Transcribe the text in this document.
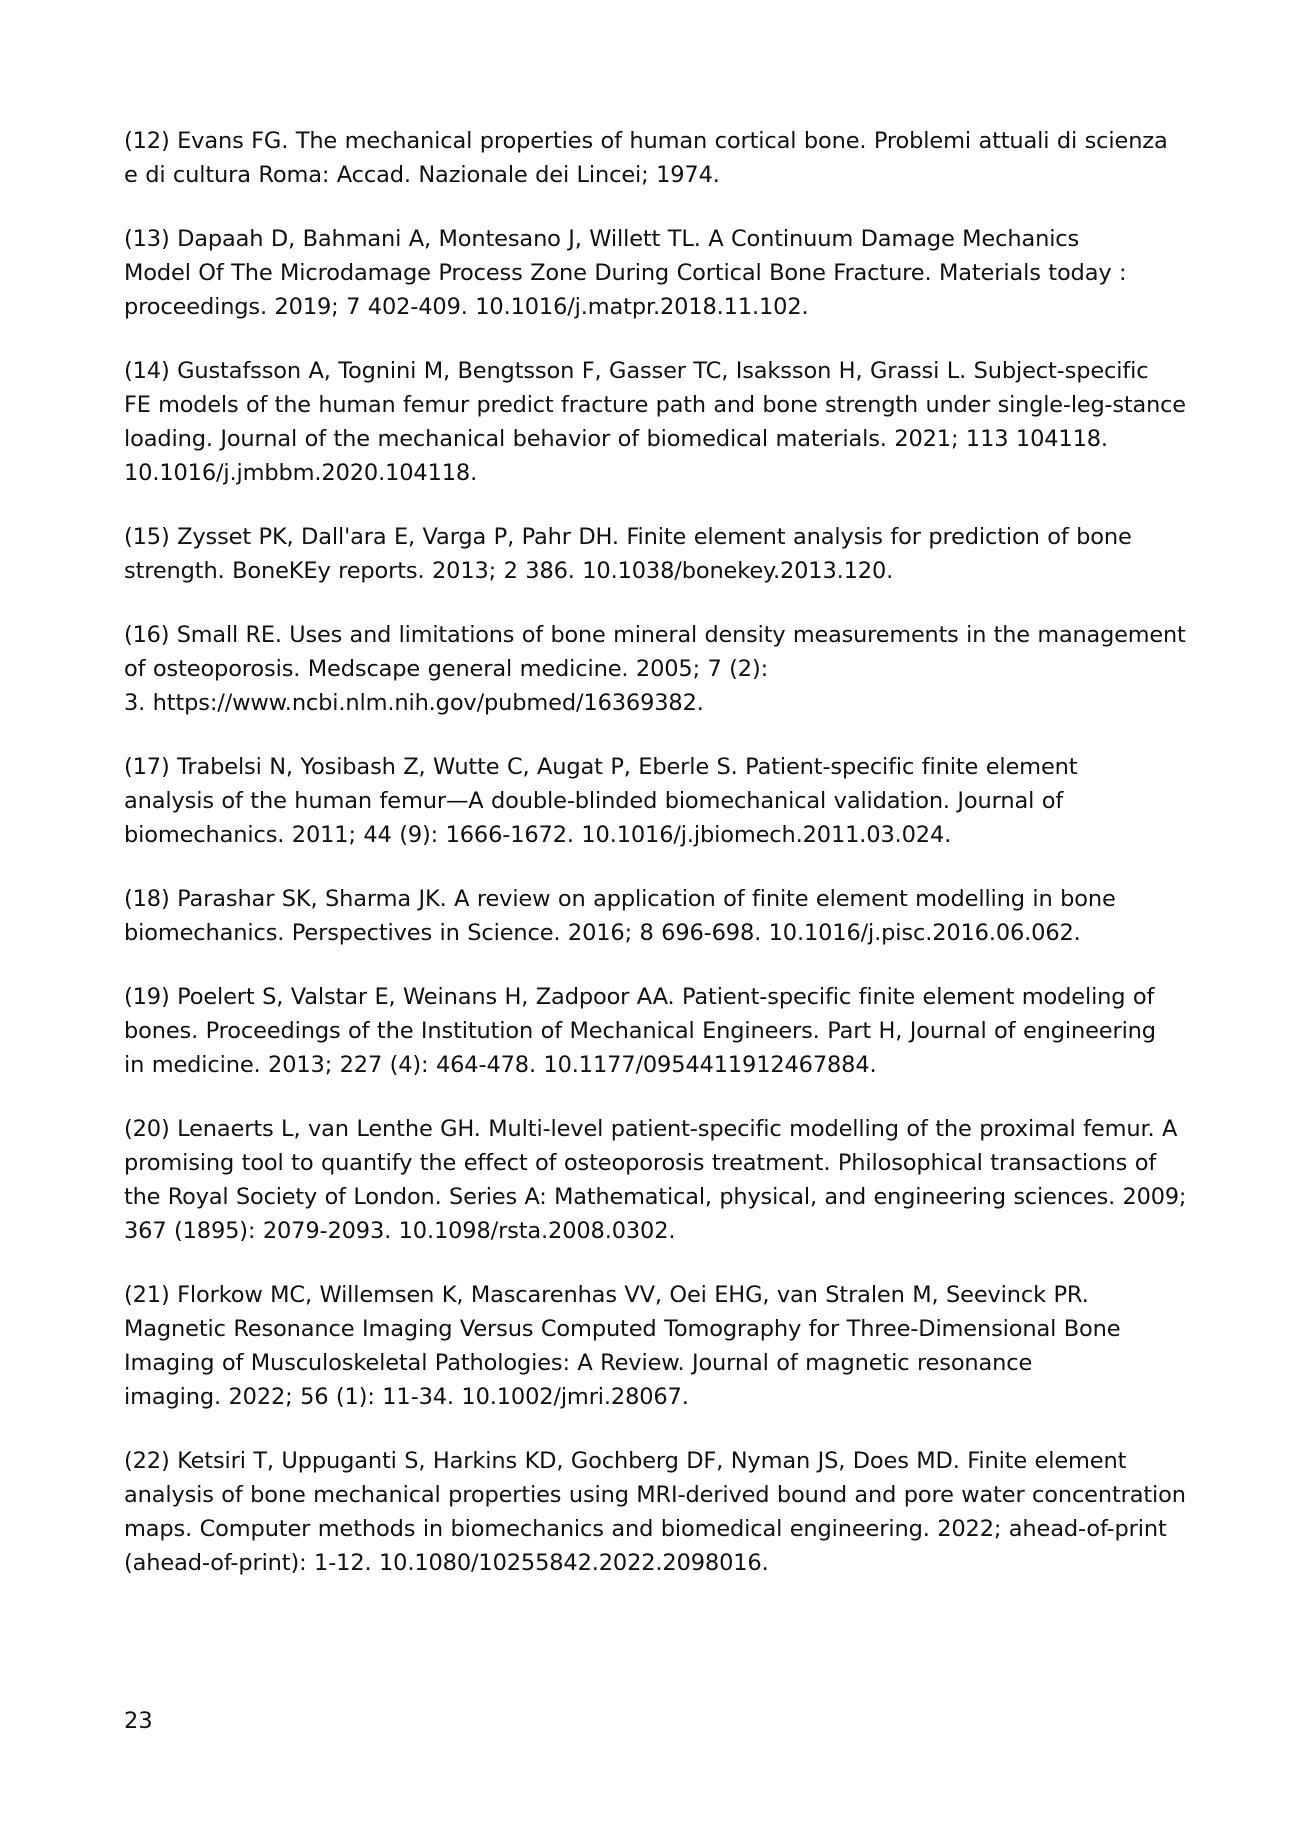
(12) Evans FG. The mechanical properties of human cortical bone. Problemi attuali di scienza
e di cultura Roma: Accad. Nazionale dei Lincei; 1974.
(13) Dapaah D, Bahmani A, Montesano J, Willett TL. A Continuum Damage Mechanics
Model Of The Microdamage Process Zone During Cortical Bone Fracture. Materials today :
proceedings. 2019; 7 402-409. 10.1016/j.matpr.2018.11.102.
(14) Gustafsson A, Tognini M, Bengtsson F, Gasser TC, Isaksson H, Grassi L. Subject-specific
FE models of the human femur predict fracture path and bone strength under single-leg-stance
loading. Journal of the mechanical behavior of biomedical materials. 2021; 113 104118.
10.1016/j.jmbbm.2020.104118.
(15) Zysset PK, Dall'ara E, Varga P, Pahr DH. Finite element analysis for prediction of bone
strength. BoneKEy reports. 2013; 2 386. 10.1038/bonekey.2013.120.
(16) Small RE. Uses and limitations of bone mineral density measurements in the management
of osteoporosis. Medscape general medicine. 2005; 7 (2):
3. https://www.ncbi.nlm.nih.gov/pubmed/16369382.
(17) Trabelsi N, Yosibash Z, Wutte C, Augat P, Eberle S. Patient-specific finite element
analysis of the human femur—A double-blinded biomechanical validation. Journal of
biomechanics. 2011; 44 (9): 1666-1672. 10.1016/j.jbiomech.2011.03.024.
(18) Parashar SK, Sharma JK. A review on application of finite element modelling in bone
biomechanics. Perspectives in Science. 2016; 8 696-698. 10.1016/j.pisc.2016.06.062.
(19) Poelert S, Valstar E, Weinans H, Zadpoor AA. Patient-specific finite element modeling of
bones. Proceedings of the Institution of Mechanical Engineers. Part H, Journal of engineering
in medicine. 2013; 227 (4): 464-478. 10.1177/0954411912467884.
(20) Lenaerts L, van Lenthe GH. Multi-level patient-specific modelling of the proximal femur. A
promising tool to quantify the effect of osteoporosis treatment. Philosophical transactions of
the Royal Society of London. Series A: Mathematical, physical, and engineering sciences. 2009;
367 (1895): 2079-2093. 10.1098/rsta.2008.0302.
(21) Florkow MC, Willemsen K, Mascarenhas VV, Oei EHG, van Stralen M, Seevinck PR.
Magnetic Resonance Imaging Versus Computed Tomography for Three-Dimensional Bone
Imaging of Musculoskeletal Pathologies: A Review. Journal of magnetic resonance
imaging. 2022; 56 (1): 11-34. 10.1002/jmri.28067.
(22) Ketsiri T, Uppuganti S, Harkins KD, Gochberg DF, Nyman JS, Does MD. Finite element
analysis of bone mechanical properties using MRI-derived bound and pore water concentration
maps. Computer methods in biomechanics and biomedical engineering. 2022; ahead-of-print
(ahead-of-print): 1-12. 10.1080/10255842.2022.2098016.
23
